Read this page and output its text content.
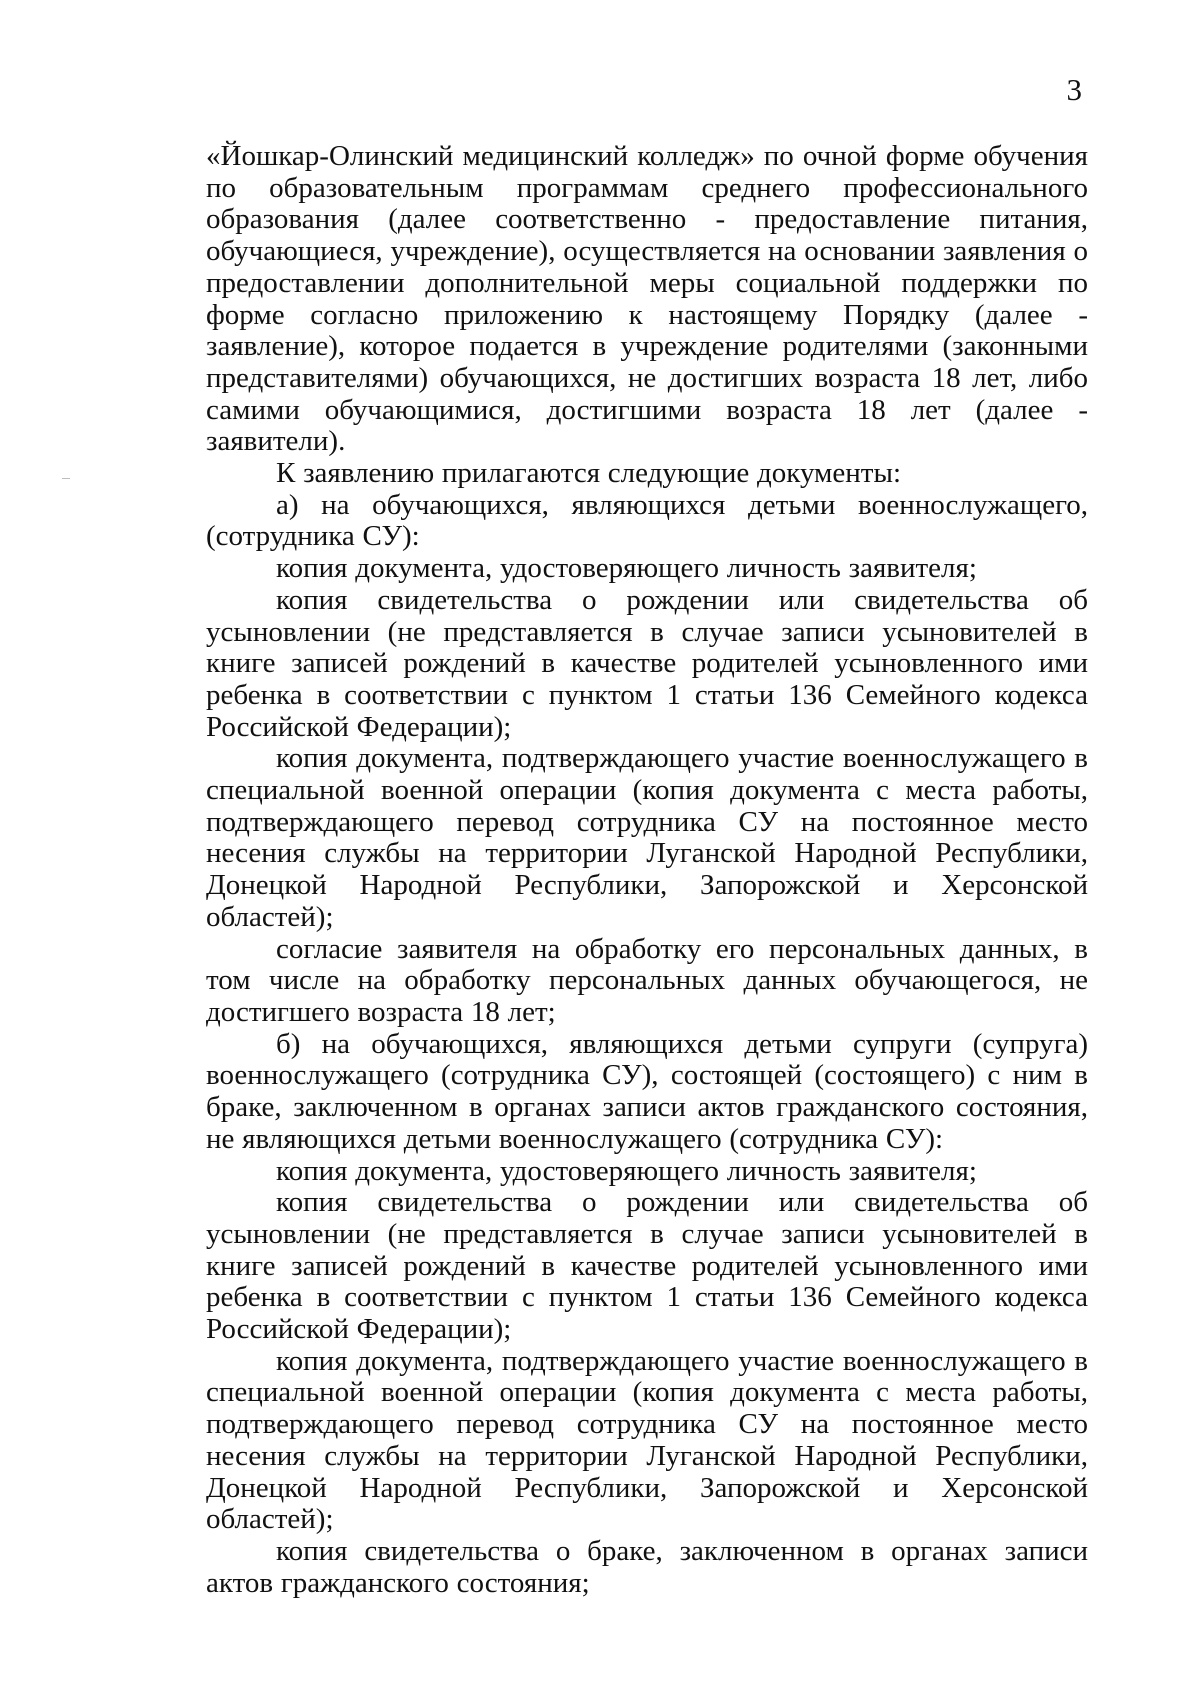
3

«Йошкар-Олинский медицинский колледж» по очной форме обучения по образовательным программам среднего профессионального образования (далее соответственно - предоставление питания, обучающиеся, учреждение), осуществляется на основании заявления о предоставлении дополнительной меры социальной поддержки по форме согласно приложению к настоящему Порядку (далее - заявление), которое подается в учреждение родителями (законными представителями) обучающихся, не достигших возраста 18 лет, либо самими обучающимися, достигшими возраста 18 лет (далее - заявители).

К заявлению прилагаются следующие документы:

а) на обучающихся, являющихся детьми военнослужащего, (сотрудника СУ):

копия документа, удостоверяющего личность заявителя;

копия свидетельства о рождении или свидетельства об усыновлении (не представляется в случае записи усыновителей в книге записей рождений в качестве родителей усыновленного ими ребенка в соответствии с пунктом 1 статьи 136 Семейного кодекса Российской Федерации);

копия документа, подтверждающего участие военнослужащего в специальной военной операции (копия документа с места работы, подтверждающего перевод сотрудника СУ на постоянное место несения службы на территории Луганской Народной Республики, Донецкой Народной Республики, Запорожской и Херсонской областей);

согласие заявителя на обработку его персональных данных, в том числе на обработку персональных данных обучающегося, не достигшего возраста 18 лет;

б) на обучающихся, являющихся детьми супруги (супруга) военнослужащего (сотрудника СУ), состоящей (состоящего) с ним в браке, заключенном в органах записи актов гражданского состояния, не являющихся детьми военнослужащего (сотрудника СУ):

копия документа, удостоверяющего личность заявителя;

копия свидетельства о рождении или свидетельства об усыновлении (не представляется в случае записи усыновителей в книге записей рождений в качестве родителей усыновленного ими ребенка в соответствии с пунктом 1 статьи 136 Семейного кодекса Российской Федерации);

копия документа, подтверждающего участие военнослужащего в специальной военной операции (копия документа с места работы, подтверждающего перевод сотрудника СУ на постоянное место несения службы на территории Луганской Народной Республики, Донецкой Народной Республики, Запорожской и Херсонской областей);

копия свидетельства о браке, заключенном в органах записи актов гражданского состояния;
